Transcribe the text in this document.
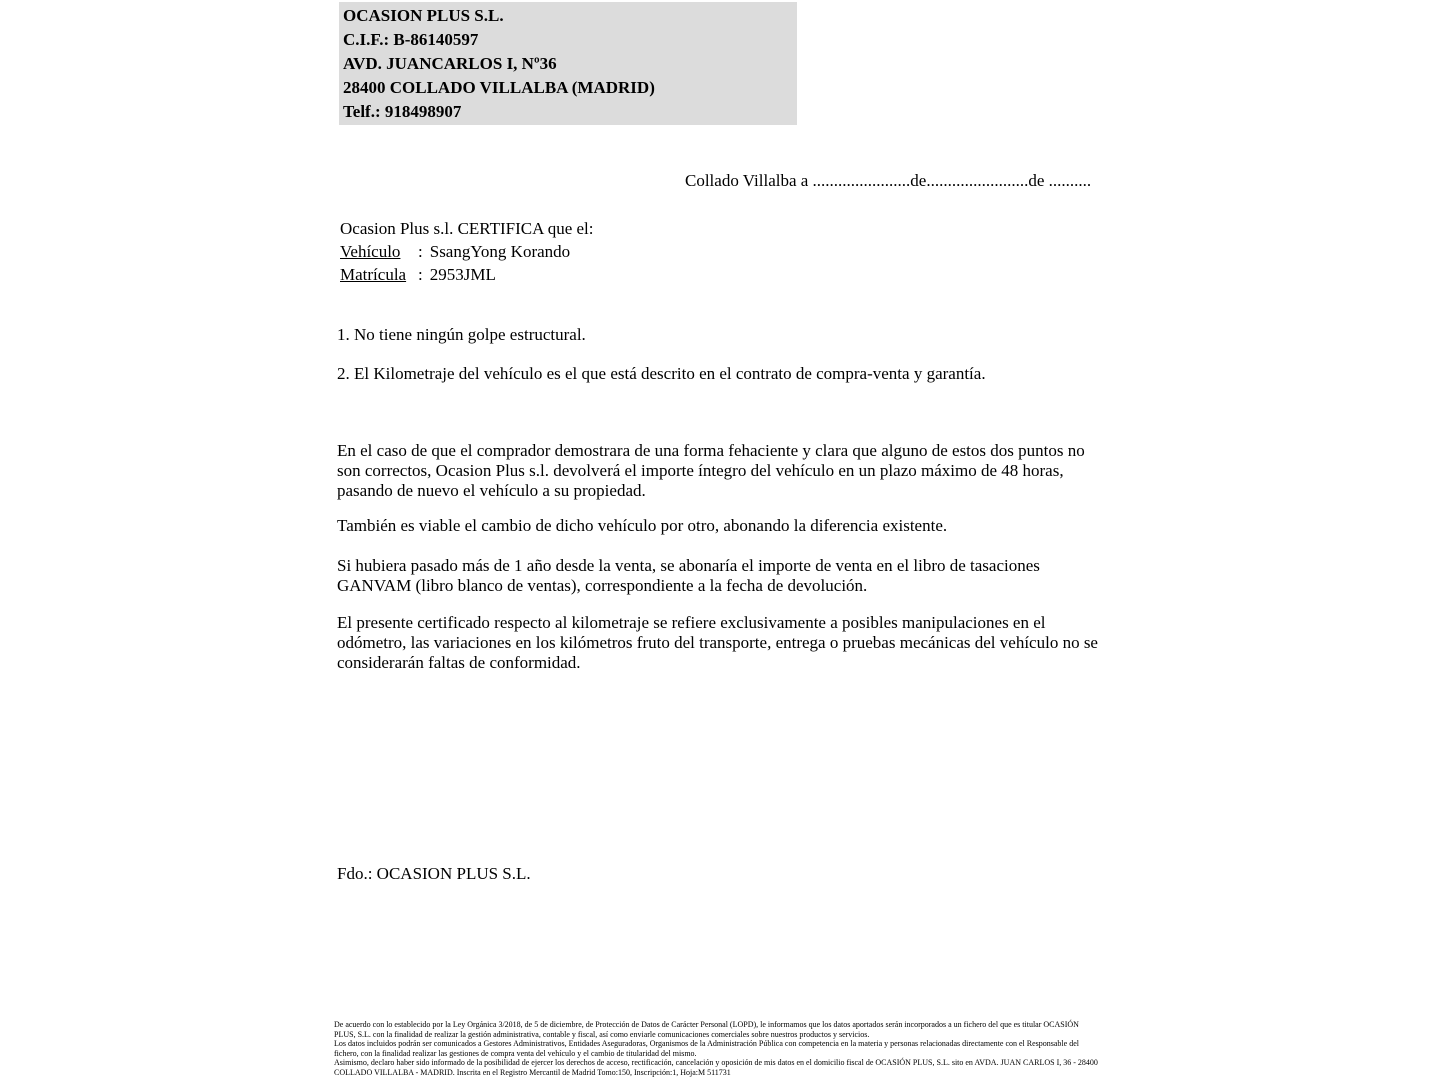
OCASION PLUS S.L.
C.I.F.: B-86140597
AVD. JUANCARLOS I, Nº36
28400 COLLADO VILLALBA (MADRID)
Telf.: 918498907
Collado Villalba a .......................de........................de ..........
Ocasion Plus s.l. CERTIFICA que el:
Vehículo	: SsangYong Korando
Matrícula : 2953JML
1. No tiene ningún golpe estructural.
2. El Kilometraje del vehículo es el que está descrito en el contrato de compra-venta y garantía.
En el caso de que el comprador demostrara de una forma fehaciente y clara que alguno de estos dos puntos no son correctos, Ocasion Plus s.l. devolverá el importe íntegro del vehículo en un plazo máximo de 48 horas, pasando de nuevo el vehículo a su propiedad.
También es viable el cambio de dicho vehículo por otro, abonando la diferencia existente.
Si hubiera pasado más de 1 año desde la venta, se abonaría el importe de venta en el libro de tasaciones GANVAM (libro blanco de ventas), correspondiente a la fecha de devolución.
El presente certificado respecto al kilometraje se refiere exclusivamente a posibles manipulaciones en el odómetro, las variaciones en los kilómetros fruto del transporte, entrega o pruebas mecánicas del vehículo no se considerarán faltas de conformidad.
Fdo.: OCASION PLUS S.L.
De acuerdo con lo establecido por la Ley Orgánica 3/2018, de 5 de diciembre, de Protección de Datos de Carácter Personal (LOPD), le informamos que los datos aportados serán incorporados a un fichero del que es titular OCASIÓN PLUS, S.L. con la finalidad de realizar la gestión administrativa, contable y fiscal, así como enviarle comunicaciones comerciales sobre nuestros productos y servicios.
Los datos incluidos podrán ser comunicados a Gestores Administrativos, Entidades Aseguradoras, Organismos de la Administración Pública con competencia en la materia y personas relacionadas directamente con el Responsable del fichero, con la finalidad realizar las gestiones de compra venta del vehículo y el cambio de titularidad del mismo.
Asimismo, declaro haber sido informado de la posibilidad de ejercer los derechos de acceso, rectificación, cancelación y oposición de mis datos en el domicilio fiscal de OCASIÓN PLUS, S.L. sito en AVDA. JUAN CARLOS I, 36 - 28400 COLLADO VILLALBA - MADRID. Inscrita en el Registro Mercantil de Madrid Tomo:150, Inscripción:1, Hoja:M 511731
